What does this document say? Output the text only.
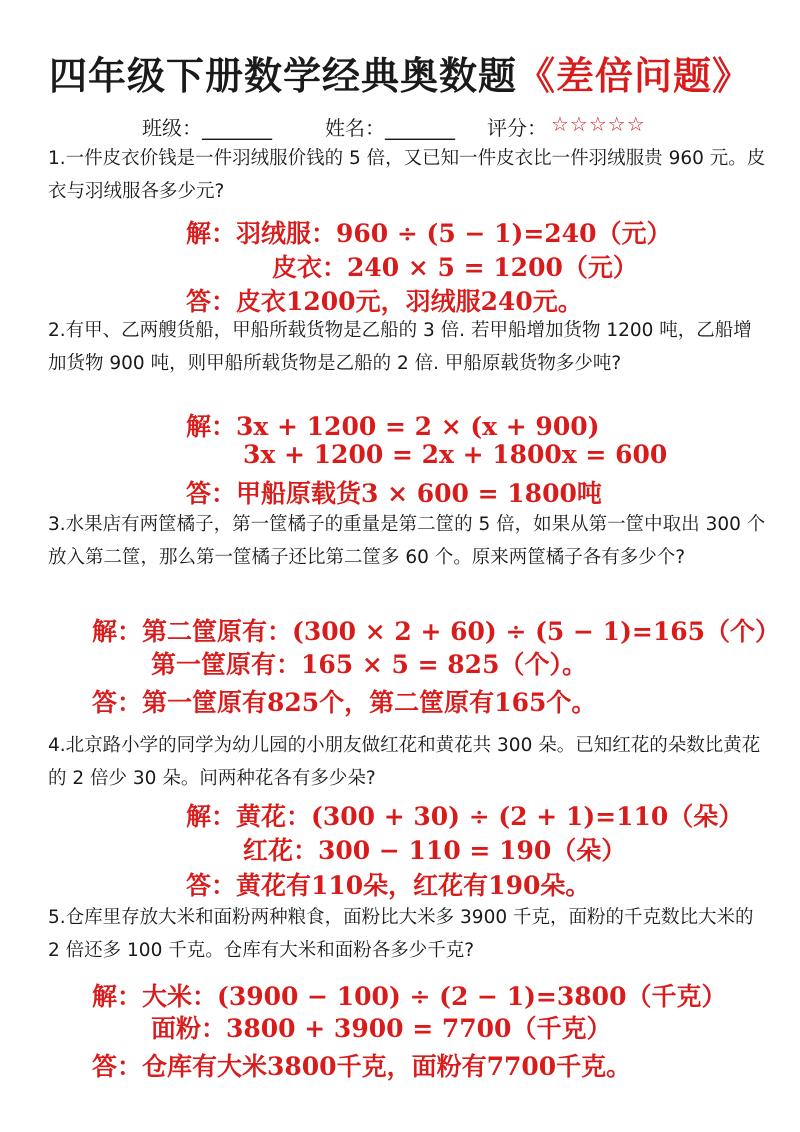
四年级下册数学经典奥数题《差倍问题》
班级：_______	姓名：_______ 评分： ☆☆☆☆☆
1.一件皮衣价钱是一件羽绒服价钱的 5 倍，又已知一件皮衣比一件羽绒服贵 960 元。皮衣与羽绒服各多少元?
解：羽绒服：960 ÷ (5 − 1)=240（元）
皮衣：240 × 5 = 1200（元）
答：皮衣1200元，羽绒服240元。
2.有甲、乙两艘货船，甲船所载货物是乙船的 3 倍. 若甲船增加货物 1200 吨，乙船增加货物 900 吨，则甲船所载货物是乙船的 2 倍. 甲船原载货物多少吨?
解：3x + 1200 = 2 × (x + 900)
3x + 1200 = 2x + 1800x = 600
答：甲船原载货3 × 600 = 1800吨
3.水果店有两筐橘子，第一筐橘子的重量是第二筐的 5 倍，如果从第一筐中取出 300 个放入第二筐，那么第一筐橘子还比第二筐多 60 个。原来两筐橘子各有多少个?
解：第二筐原有：(300 × 2 + 60) ÷ (5 − 1)=165（个）
第一筐原有：165 × 5 = 825（个）。
答：第一筐原有825个，第二筐原有165个。
4.北京路小学的同学为幼儿园的小朋友做红花和黄花共 300 朵。已知红花的朵数比黄花的 2 倍少 30 朵。问两种花各有多少朵?
解：黄花：(300 + 30) ÷ (2 + 1)=110（朵）
红花：300 − 110 = 190（朵）
答：黄花有110朵，红花有190朵。
5.仓库里存放大米和面粉两种粮食，面粉比大米多 3900 千克，面粉的千克数比大米的 2 倍还多 100 千克。仓库有大米和面粉各多少千克?
解：大米：(3900 − 100) ÷ (2 − 1)=3800（千克）
面粉：3800 + 3900 = 7700（千克）
答：仓库有大米3800千克，面粉有7700千克。
